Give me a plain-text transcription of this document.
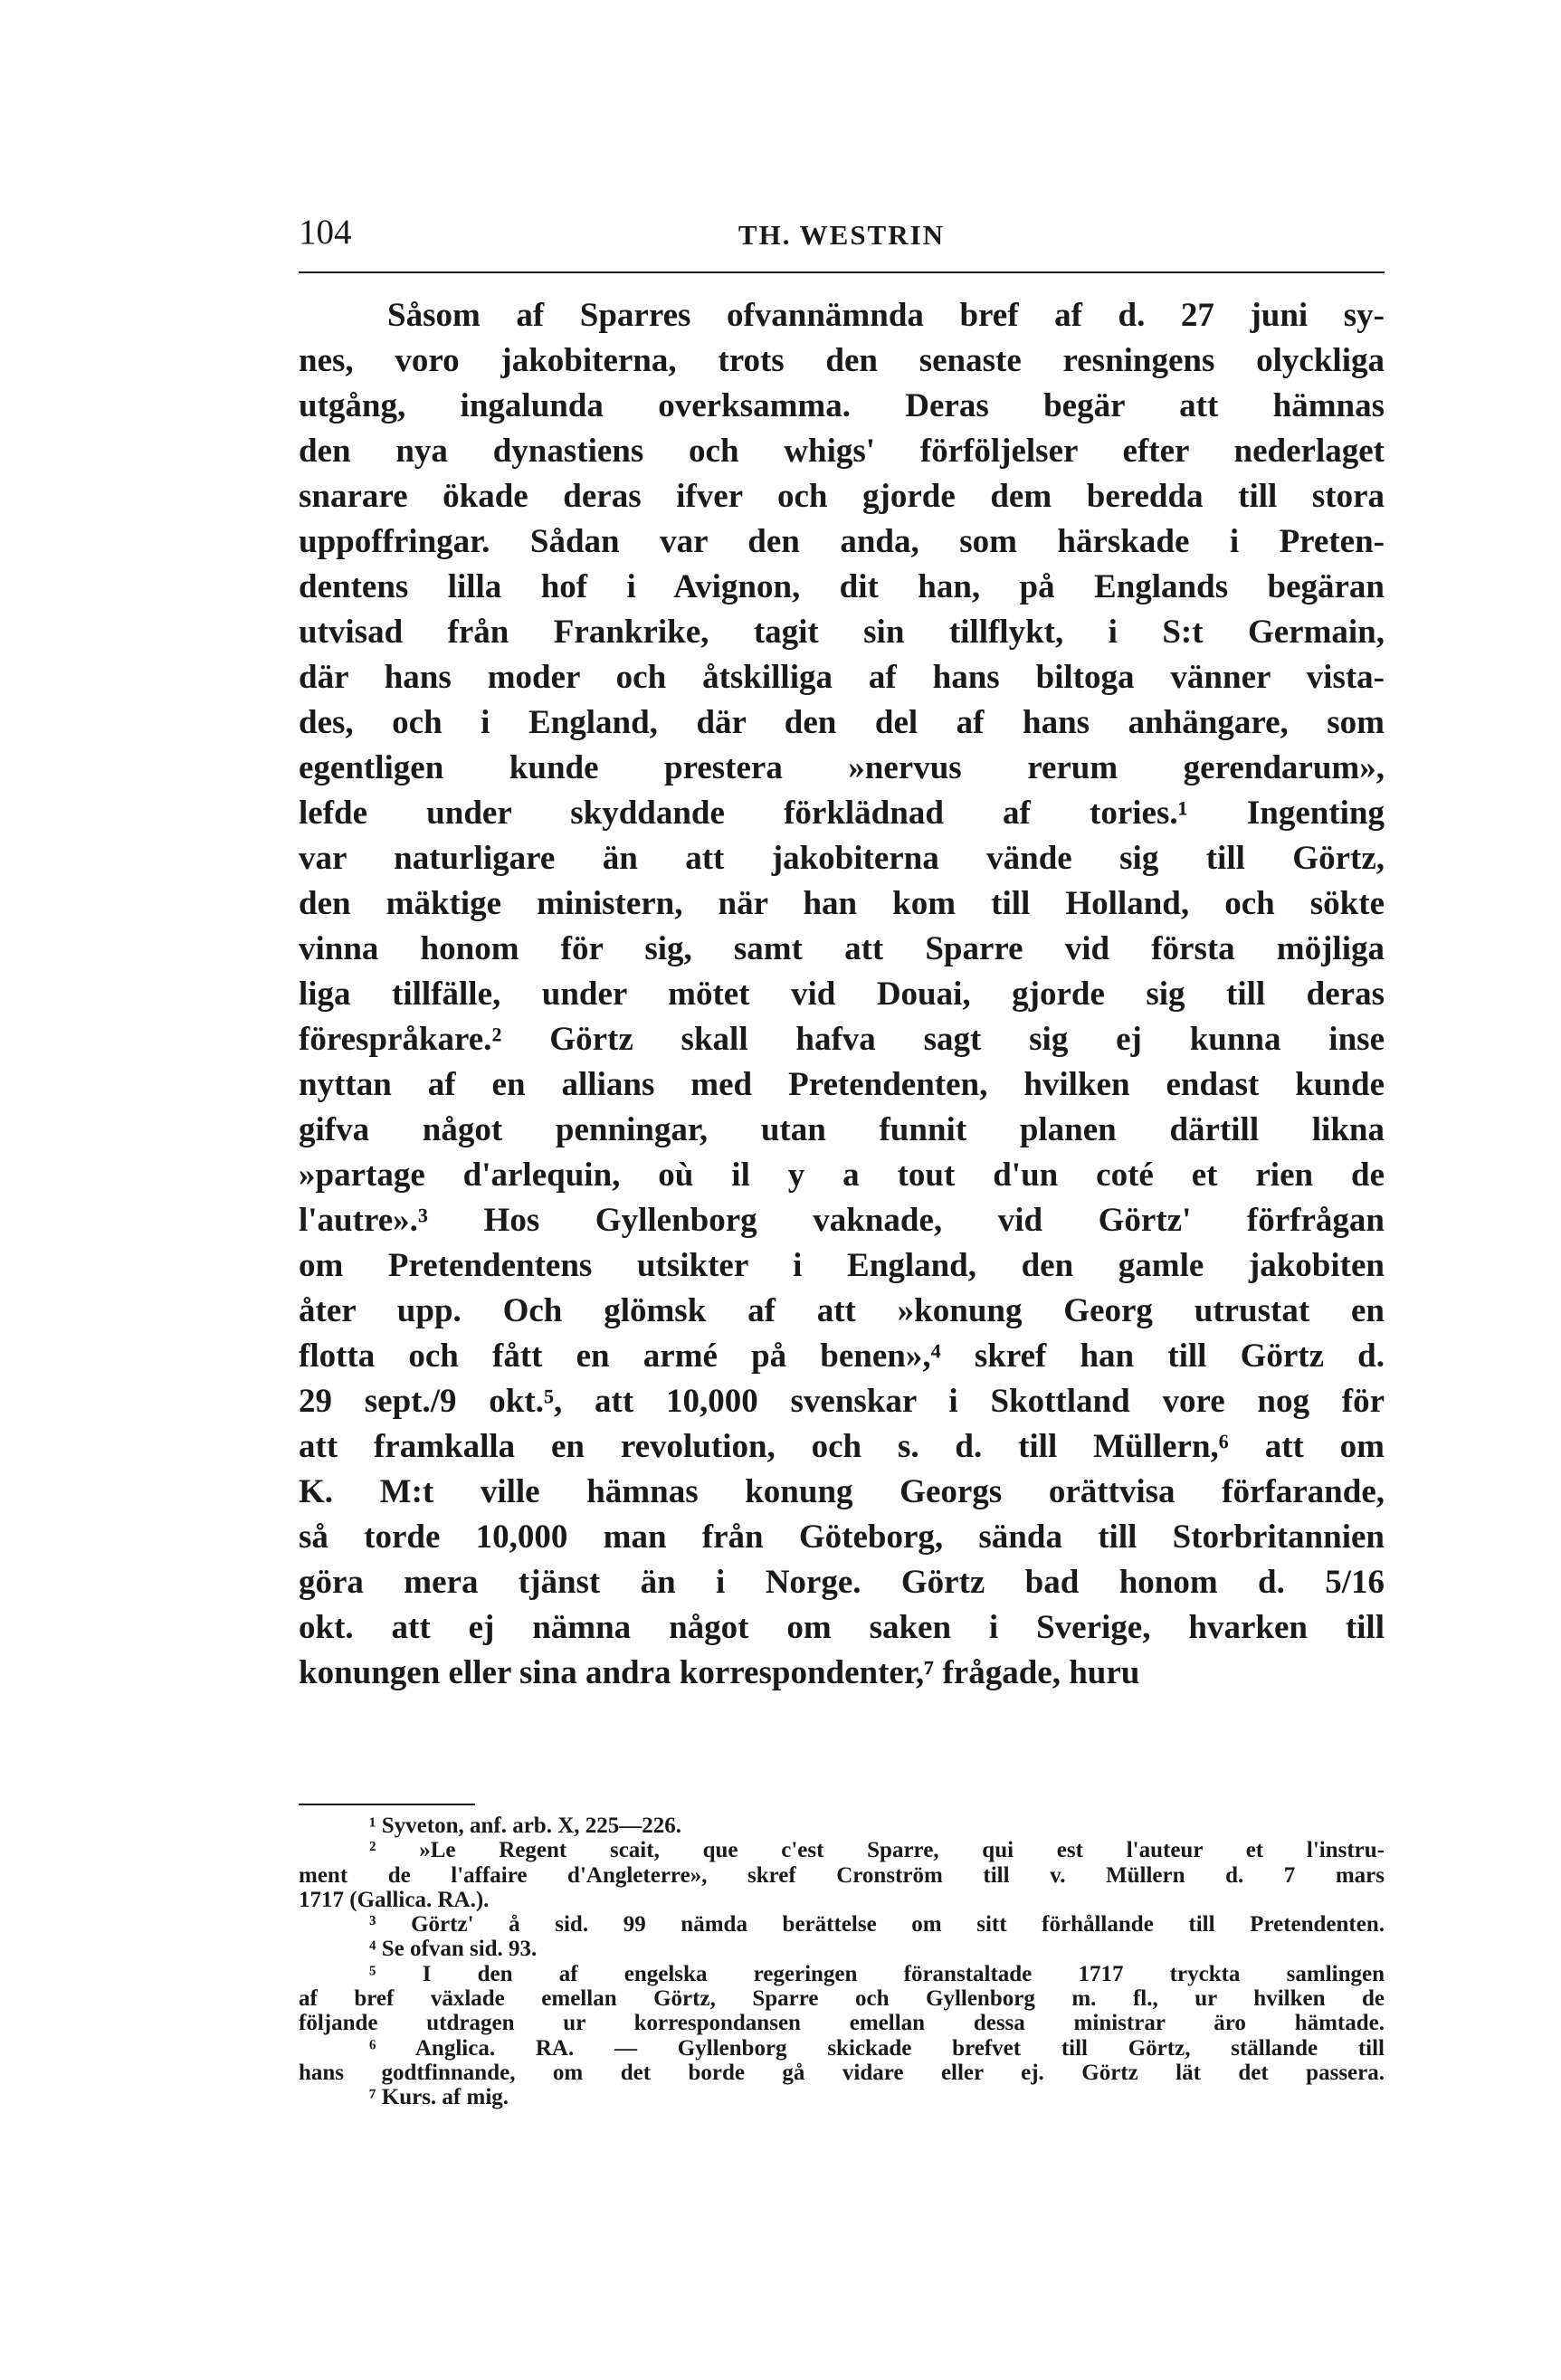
104	TH. WESTRIN
Såsom af Sparres ofvannämnda bref af d. 27 juni sy-
nes, voro jakobiterna, trots den senaste resningens olyckliga
utgång, ingalunda overksamma. Deras begär att hämnas
den nya dynastiens och whigs' förföljelser efter nederlaget
snarare ökade deras ifver och gjorde dem beredda till stora
uppoffringar. Sådan var den anda, som härskade i Preten-
dentens lilla hof i Avignon, dit han, på Englands begäran
utvisad från Frankrike, tagit sin tillflykt, i S:t Germain,
där hans moder och åtskilliga af hans biltoga vänner vista-
des, och i England, där den del af hans anhängare, som
egentligen kunde prestera »nervus rerum gerendarum»,
lefde under skyddande förklädnad af tories.¹ Ingenting
var naturligare än att jakobiterna vände sig till Görtz,
den mäktige ministern, när han kom till Holland, och sökte
vinna honom för sig, samt att Sparre vid första möjliga
liga tillfälle, under mötet vid Douai, gjorde sig till deras
förespråkare.² Görtz skall hafva sagt sig ej kunna inse
nyttan af en allians med Pretendenten, hvilken endast kunde
gifva något penningar, utan funnit planen därtill likna
»partage d'arlequin, où il y a tout d'un coté et rien de
l'autre».³ Hos Gyllenborg vaknade, vid Görtz' förfrågan
om Pretendentens utsikter i England, den gamle jakobiten
åter upp. Och glömsk af att »konung Georg utrustat en
flotta och fått en armé på benen»,⁴ skref han till Görtz d.
29 sept./9 okt.⁵, att 10,000 svenskar i Skottland vore nog för
att framkalla en revolution, och s. d. till Müllern,⁶ att om
K. M:t ville hämnas konung Georgs orättvisa förfarande,
så torde 10,000 man från Göteborg, sända till Storbritannien
göra mera tjänst än i Norge. Görtz bad honom d. 5/16
okt. att ej nämna något om saken i Sverige, hvarken till
konungen eller sina andra korrespondenter,⁷ frågade, huru
¹ Syveton, anf. arb. X, 225—226.
² »Le Regent scait, que c'est Sparre, qui est l'auteur et l'instru-
ment de l'affaire d'Angleterre», skref Cronström till v. Müllern d. 7 mars
1717 (Gallica. RA.).
³ Görtz' å sid. 99 nämda berättelse om sitt förhållande till Pretendenten.
⁴ Se ofvan sid. 93.
⁵ I den af engelska regeringen föranstaltade 1717 tryckta samlingen
af bref växlade emellan Görtz, Sparre och Gyllenborg m. fl., ur hvilken de
följande utdragen ur korrespondansen emellan dessa ministrar äro hämtade.
⁶ Anglica. RA. — Gyllenborg skickade brefvet till Görtz, ställande till
hans godtfinnande, om det borde gå vidare eller ej. Görtz lät det passera.
⁷ Kurs. af mig.
